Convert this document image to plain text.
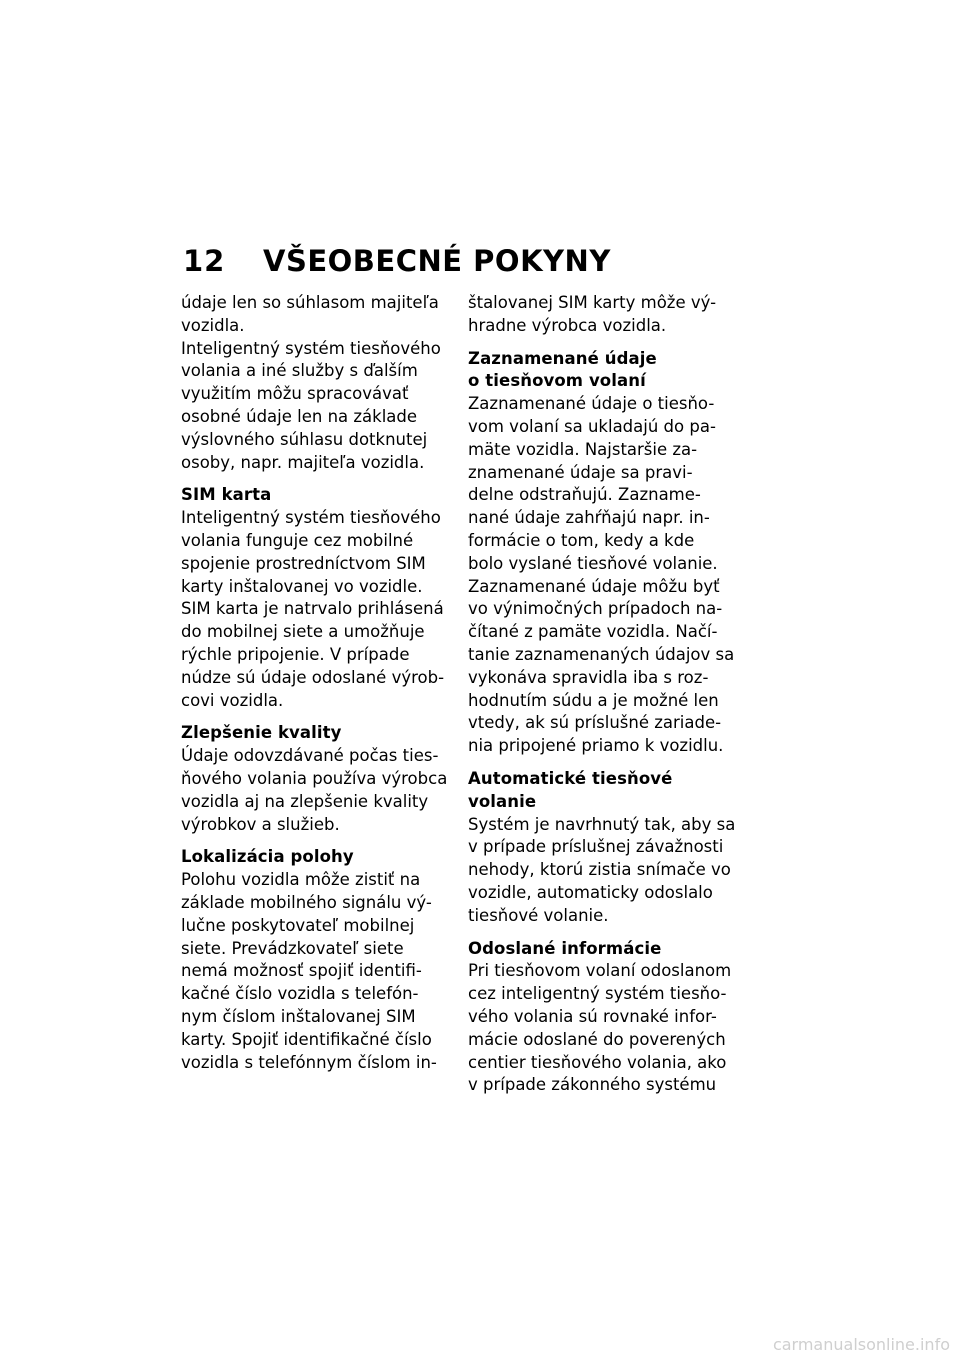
12	VŠEOBECNÉ POKYNY
údaje len so súhlasom majiteľa
vozidla.
Inteligentný systém tiesňového
volania a iné služby s ďalším
využitím môžu spracovávať
osobné údaje len na základe
výslovného súhlasu dotknutej
osoby, napr. majiteľa vozidla.
SIM karta
Inteligentný systém tiesňového
volania funguje cez mobilné
spojenie prostredníctvom SIM
karty inštalovanej vo vozidle.
SIM karta je natrvalo prihlásená
do mobilnej siete a umožňuje
rýchle pripojenie. V prípade
núdze sú údaje odoslané výrob-
covi vozidla.
Zlepšenie kvality
Údaje odovzdávané počas ties-
ňového volania používa výrobca
vozidla aj na zlepšenie kvality
výrobkov a služieb.
Lokalizácia polohy
Polohu vozidla môže zistiť na
základe mobilného signálu vý-
lučne poskytovateľ mobilnej
siete. Prevádzkovateľ siete
nemá možnosť spojiť identifi-
kačné číslo vozidla s telefón-
nym číslom inštalovanej SIM
karty. Spojiť identifikačné číslo
vozidla s telefónnym číslom in-
štalovanej SIM karty môže vý-
hradne výrobca vozidla.
Zaznamenané údaje
o tiesňovom volaní
Zaznamenané údaje o tiesňo-
vom volaní sa ukladajú do pa-
mäte vozidla. Najstaršie za-
znamenané údaje sa pravi-
delne odstraňujú. Zazname-
nané údaje zahŕňajú napr. in-
formácie o tom, kedy a kde
bolo vyslané tiesňové volanie.
Zaznamenané údaje môžu byť
vo výnimočných prípadoch na-
čítané z pamäte vozidla. Načí-
tanie zaznamenaných údajov sa
vykonáva spravidla iba s roz-
hodnutím súdu a je možné len
vtedy, ak sú príslušné zariade-
nia pripojené priamo k vozidlu.
Automatické tiesňové volanie
Systém je navrhnutý tak, aby sa
v prípade príslušnej závažnosti
nehody, ktorú zistia snímače vo
vozidle, automaticky odoslalo
tiesňové volanie.
Odoslané informácie
Pri tiesňovom volaní odoslanom
cez inteligentný systém tiesňo-
vého volania sú rovnaké infor-
mácie odoslané do poverených
centier tiesňového volania, ako
v prípade zákonného systému
carmanualsonline.info
